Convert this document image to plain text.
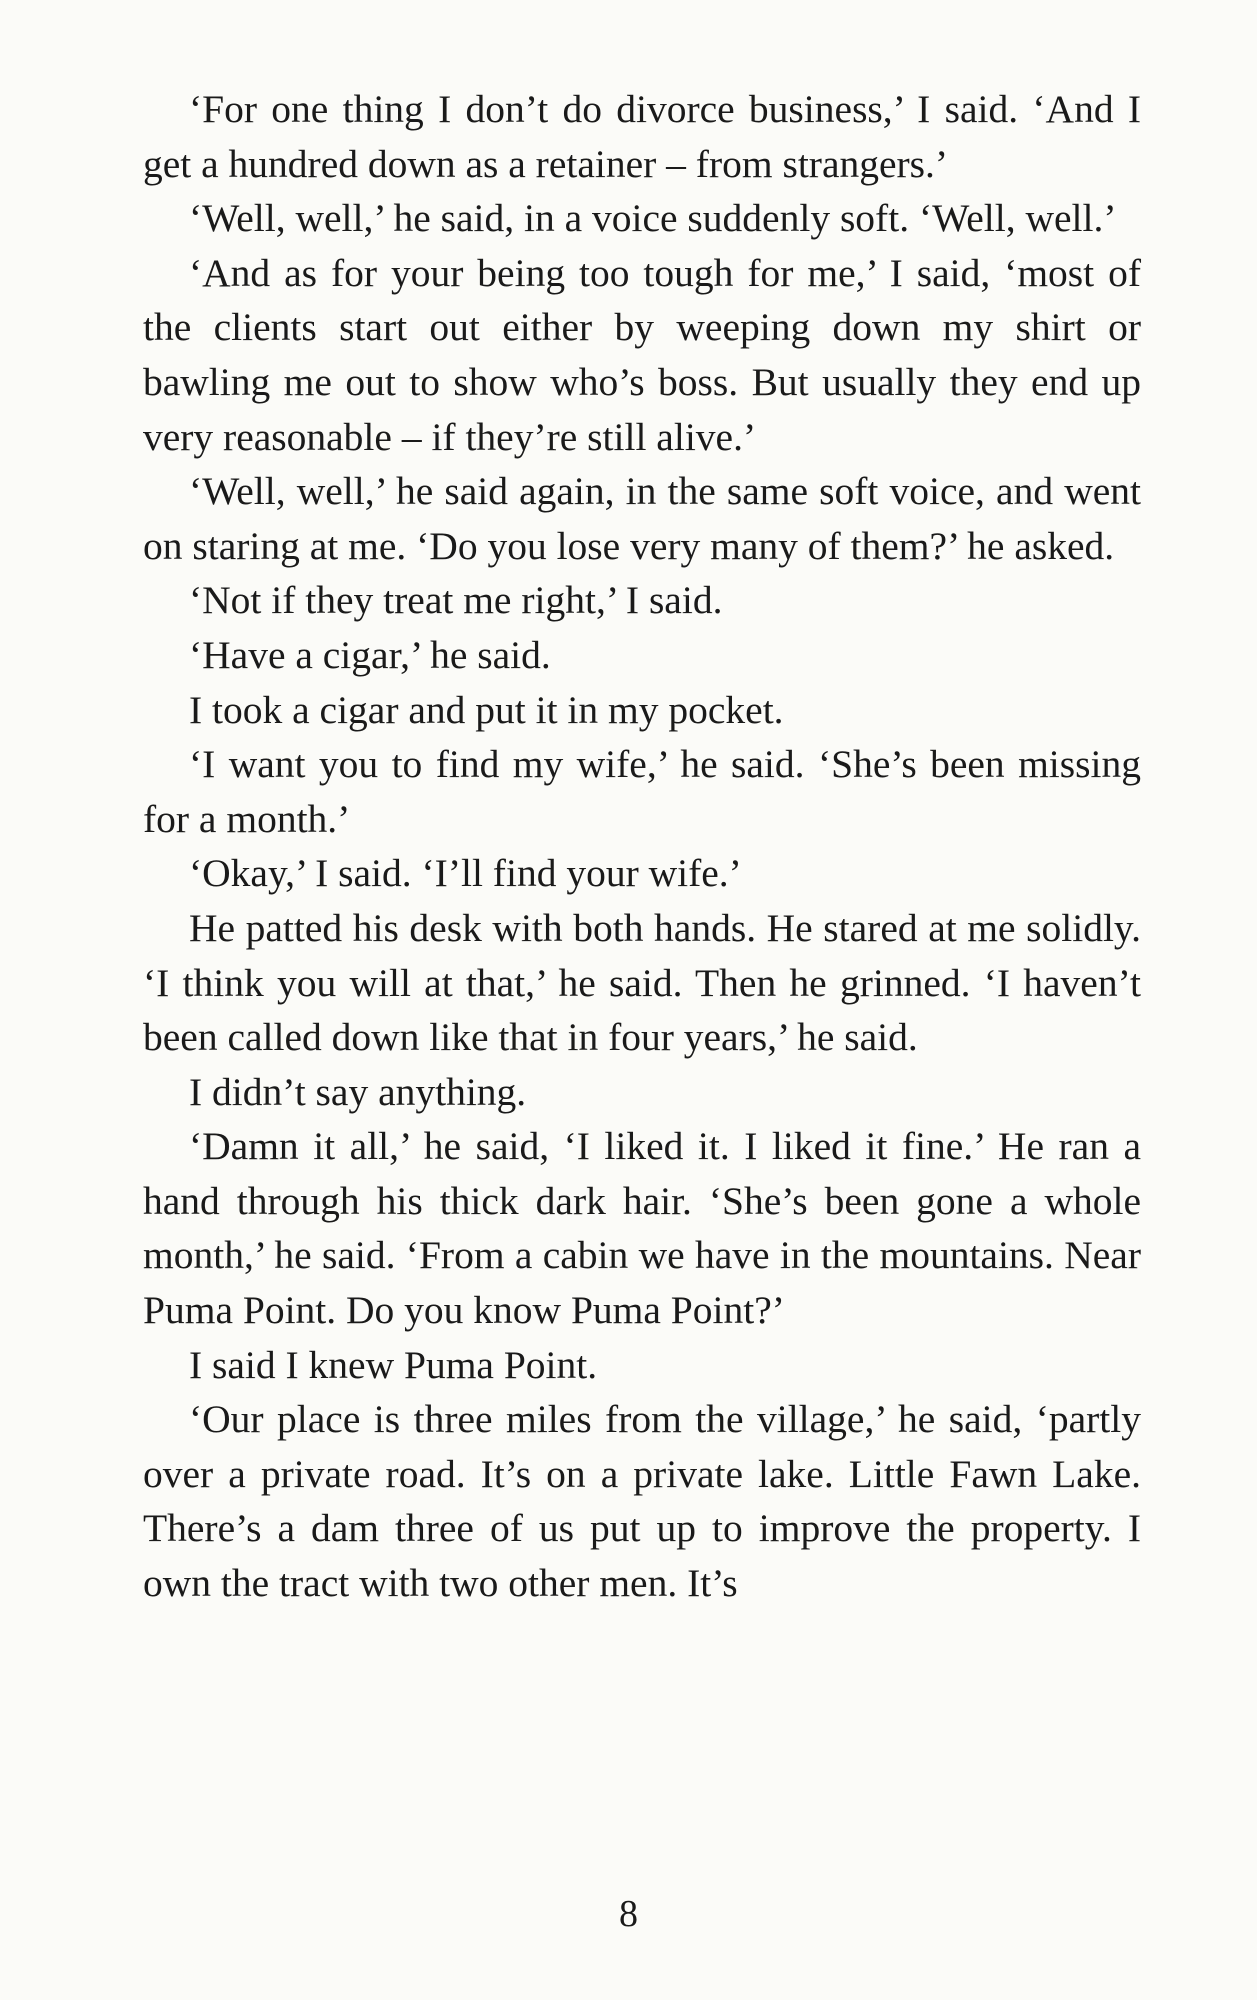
‘For one thing I don’t do divorce business,’ I said. ‘And I get a hundred down as a retainer – from strangers.’

‘Well, well,’ he said, in a voice suddenly soft. ‘Well, well.’

‘And as for your being too tough for me,’ I said, ‘most of the clients start out either by weeping down my shirt or bawling me out to show who’s boss. But usually they end up very reasonable – if they’re still alive.’

‘Well, well,’ he said again, in the same soft voice, and went on staring at me. ‘Do you lose very many of them?’ he asked.

‘Not if they treat me right,’ I said.

‘Have a cigar,’ he said.

I took a cigar and put it in my pocket.

‘I want you to find my wife,’ he said. ‘She’s been missing for a month.’

‘Okay,’ I said. ‘I’ll find your wife.’

He patted his desk with both hands. He stared at me solidly. ‘I think you will at that,’ he said. Then he grinned. ‘I haven’t been called down like that in four years,’ he said.

I didn’t say anything.

‘Damn it all,’ he said, ‘I liked it. I liked it fine.’ He ran a hand through his thick dark hair. ‘She’s been gone a whole month,’ he said. ‘From a cabin we have in the mountains. Near Puma Point. Do you know Puma Point?’

I said I knew Puma Point.

‘Our place is three miles from the village,’ he said, ‘partly over a private road. It’s on a private lake. Little Fawn Lake. There’s a dam three of us put up to improve the property. I own the tract with two other men. It’s

8
